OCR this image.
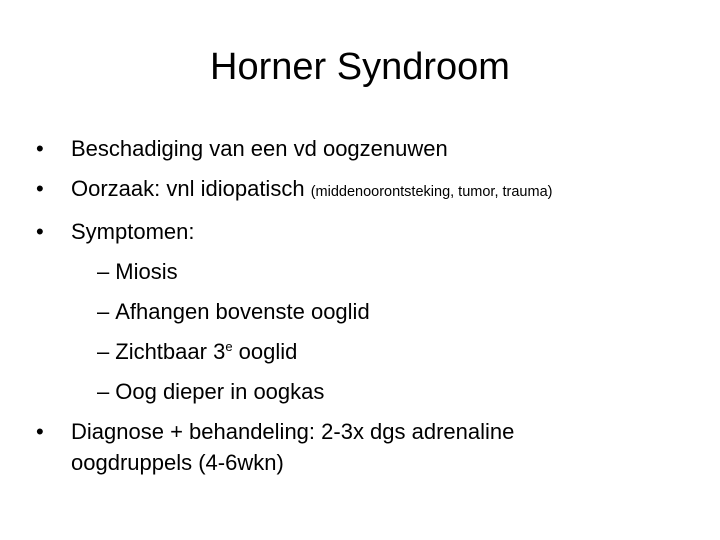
Horner Syndroom
• Beschadiging van een vd oogzenuwen
• Oorzaak: vnl idiopatisch (middenoorontsteking, tumor, trauma)
• Symptomen:
– Miosis
– Afhangen bovenste ooglid
– Zichtbaar 3e ooglid
– Oog dieper in oogkas
• Diagnose + behandeling: 2-3x dgs adrenaline
oogdruppels (4-6wkn)
